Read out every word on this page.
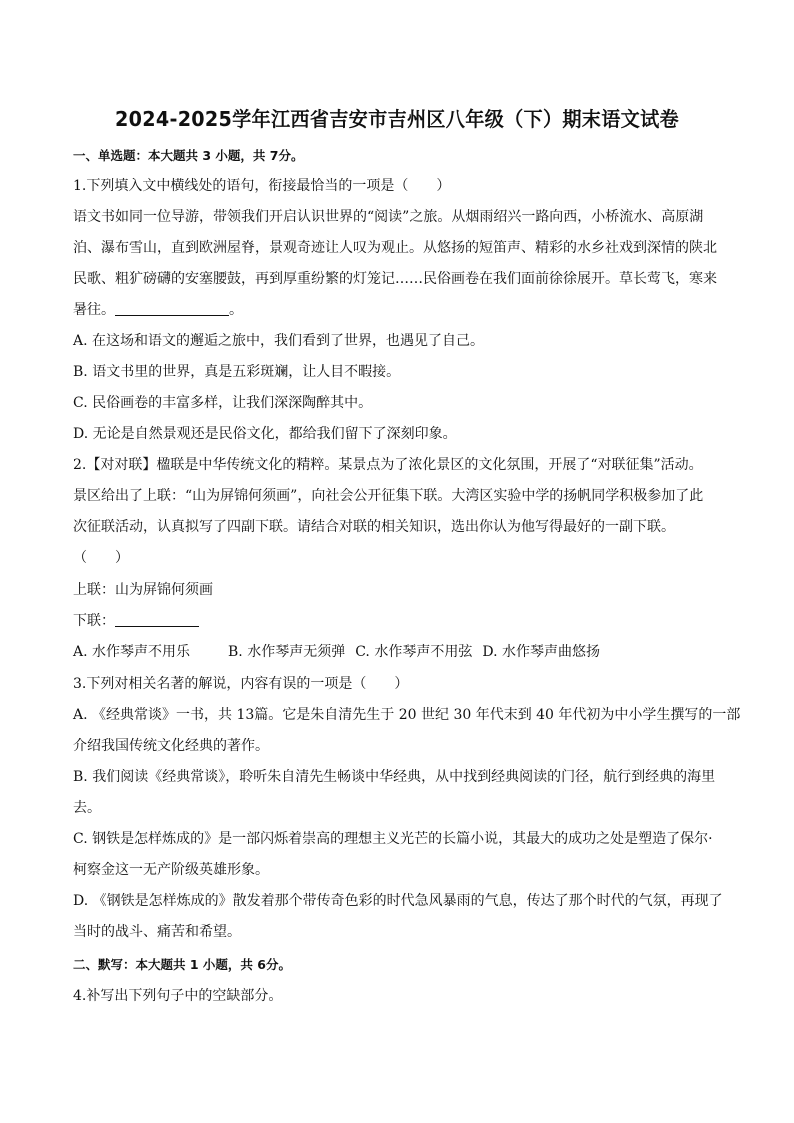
2024-2025学年江西省吉安市吉州区八年级（下）期末语文试卷
一、单选题：本大题共 3 小题，共 7分。
1.下列填入文中横线处的语句，衔接最恰当的一项是（　　）
语文书如同一位导游，带领我们开启认识世界的“阅读”之旅。从烟雨绍兴一路向西，小桥流水、高原湖
泊、瀑布雪山，直到欧洲屋脊，景观奇迹让人叹为观止。从悠扬的短笛声、精彩的水乡社戏到深情的陕北
民歌、粗犷磅礴的安塞腰鼓，再到厚重纷繁的灯笼记……民俗画卷在我们面前徐徐展开。草长莺飞，寒来
暑往。	。
A. 在这场和语文的邂逅之旅中，我们看到了世界，也遇见了自己。
B. 语文书里的世界，真是五彩斑斓，让人目不暇接。
C. 民俗画卷的丰富多样，让我们深深陶醉其中。
D. 无论是自然景观还是民俗文化，都给我们留下了深刻印象。
2.【对对联】楹联是中华传统文化的精粹。某景点为了浓化景区的文化氛围，开展了“对联征集”活动。
景区给出了上联：“山为屏锦何须画”，向社会公开征集下联。大湾区实验中学的扬帆同学积极参加了此
次征联活动，认真拟写了四副下联。请结合对联的相关知识，选出你认为他写得最好的一副下联。
（　　）
上联：山为屏锦何须画
下联：
A. 水作琴声不用乐	B. 水作琴声无须弹 C. 水作琴声不用弦 D. 水作琴声曲悠扬
3.下列对相关名著的解说，内容有误的一项是（　　）
A. 《经典常谈》一书，共 13篇。它是朱自清先生于 20 世纪 30 年代末到 40 年代初为中小学生撰写的一部
介绍我国传统文化经典的著作。
B. 我们阅读《经典常谈》，聆听朱自清先生畅谈中华经典，从中找到经典阅读的门径，航行到经典的海里
去。
C. 钢铁是怎样炼成的》是一部闪烁着崇高的理想主义光芒的长篇小说，其最大的成功之处是塑造了保尔·
柯察金这一无产阶级英雄形象。
D. 《钢铁是怎样炼成的》散发着那个带传奇色彩的时代急风暴雨的气息，传达了那个时代的气氛，再现了
当时的战斗、痛苦和希望。
二、默写：本大题共 1 小题，共 6分。
4.补写出下列句子中的空缺部分。
